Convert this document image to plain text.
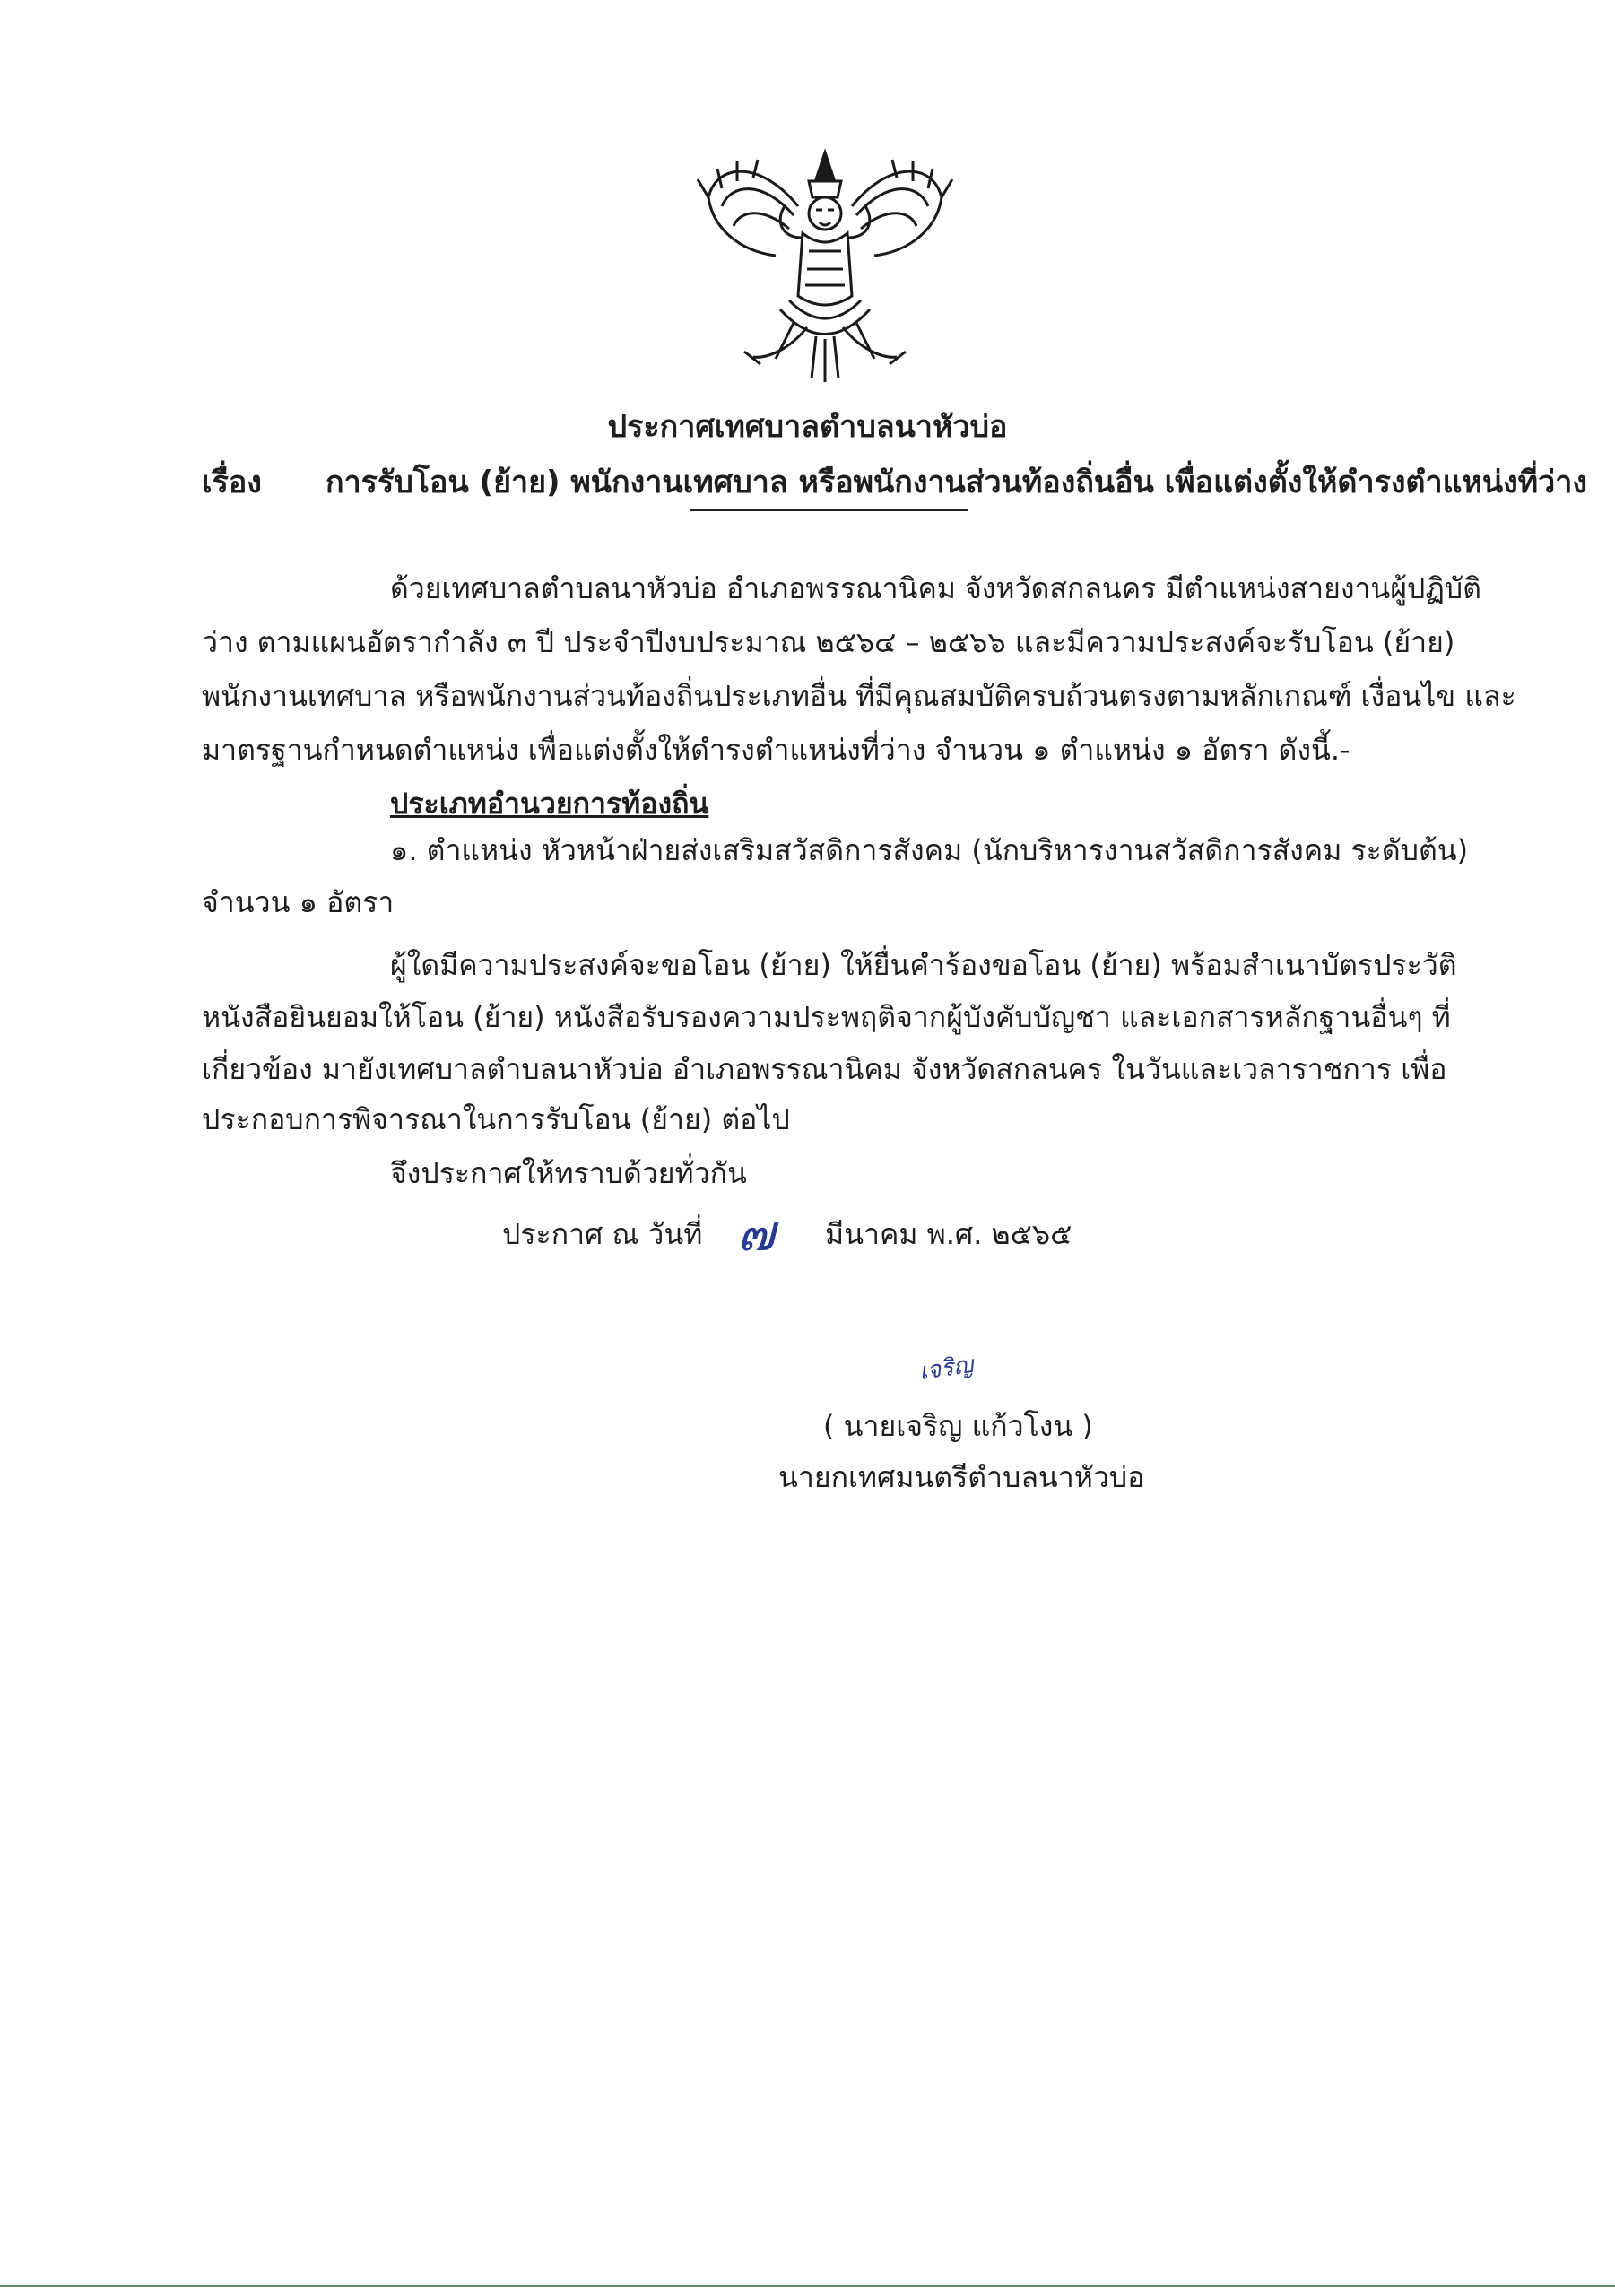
ประกาศเทศบาลตำบลนาหัวบ่อ
เรื่อง การรับโอน (ย้าย) พนักงานเทศบาล หรือพนักงานส่วนท้องถิ่นอื่น เพื่อแต่งตั้งให้ดำรงตำแหน่งที่ว่าง
ด้วยเทศบาลตำบลนาหัวบ่อ อำเภอพรรณานิคม จังหวัดสกลนคร มีตำแหน่งสายงานผู้ปฏิบัติ
ว่าง ตามแผนอัตรากำลัง ๓ ปี ประจำปีงบประมาณ ๒๕๖๔ – ๒๕๖๖ และมีความประสงค์จะรับโอน (ย้าย)
พนักงานเทศบาล หรือพนักงานส่วนท้องถิ่นประเภทอื่น ที่มีคุณสมบัติครบถ้วนตรงตามหลักเกณฑ์ เงื่อนไข และ
มาตรฐานกำหนดตำแหน่ง เพื่อแต่งตั้งให้ดำรงตำแหน่งที่ว่าง จำนวน ๑ ตำแหน่ง ๑ อัตรา ดังนี้.-
ประเภทอำนวยการท้องถิ่น
๑. ตำแหน่ง หัวหน้าฝ่ายส่งเสริมสวัสดิการสังคม (นักบริหารงานสวัสดิการสังคม ระดับต้น)
จำนวน ๑ อัตรา
ผู้ใดมีความประสงค์จะขอโอน (ย้าย) ให้ยื่นคำร้องขอโอน (ย้าย) พร้อมสำเนาบัตรประวัติ
หนังสือยินยอมให้โอน (ย้าย) หนังสือรับรองความประพฤติจากผู้บังคับบัญชา และเอกสารหลักฐานอื่นๆ ที่
เกี่ยวข้อง มายังเทศบาลตำบลนาหัวบ่อ อำเภอพรรณานิคม จังหวัดสกลนคร ในวันและเวลาราชการ เพื่อ
ประกอบการพิจารณาในการรับโอน (ย้าย) ต่อไป
จึงประกาศให้ทราบด้วยทั่วกัน
ประกาศ ณ วันที่ ๗ มีนาคม พ.ศ. ๒๕๖๕
เจริญ
( นายเจริญ แก้วโงน )
นายกเทศมนตรีตำบลนาหัวบ่อ
